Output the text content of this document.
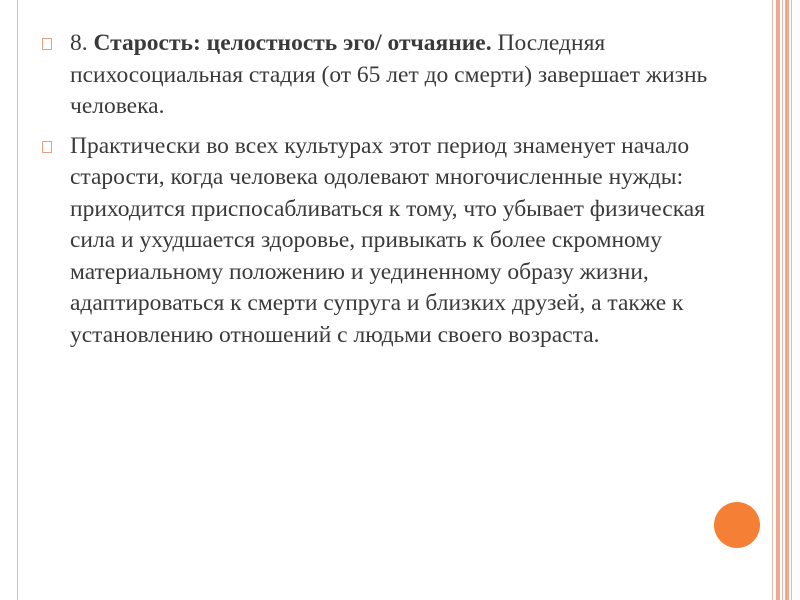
8. Старость: целостность эго/ отчаяние. Последняя психосоциальная стадия (от 65 лет до смерти) завершает жизнь человека.
Практически во всех культурах этот период знаменует начало старости, когда человека одолевают многочисленные нужды: приходится приспосабливаться к тому, что убывает физическая сила и ухудшается здоровье, привыкать к более скромному материальному положению и уединенному образу жизни, адаптироваться к смерти супруга и близких друзей, а также к установлению отношений с людьми своего возраста.
